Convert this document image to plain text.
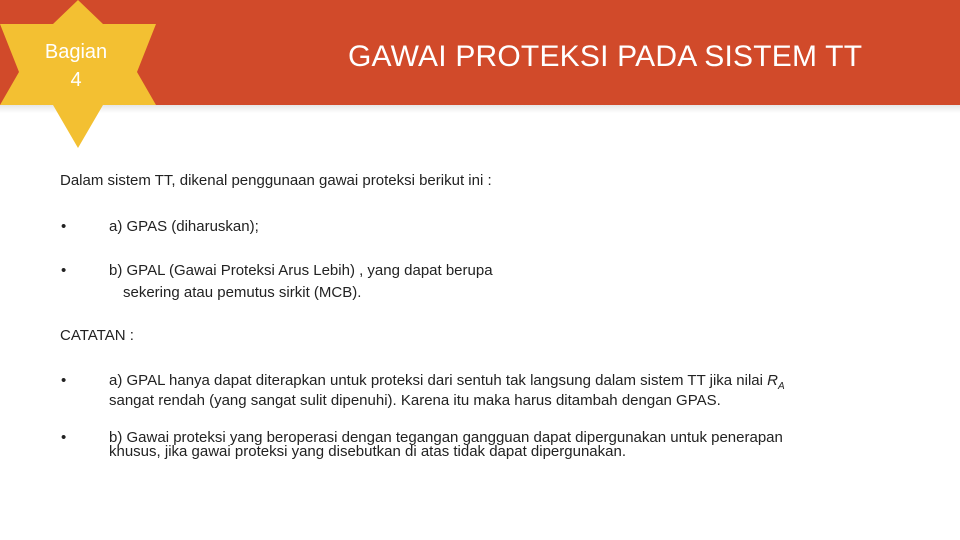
Bagian
4
GAWAI PROTEKSI PADA SISTEM TT
Dalam sistem TT, dikenal penggunaan gawai proteksi berikut ini :
•	a) GPAS (diharuskan);
•	b) GPAL (Gawai Proteksi Arus Lebih) , yang dapat berupa
sekering atau pemutus sirkit (MCB).
CATATAN :
•	a) GPAL hanya dapat diterapkan untuk proteksi dari sentuh tak langsung dalam sistem TT jika nilai $R_A$
sangat rendah (yang sangat sulit dipenuhi). Karena itu maka harus ditambah dengan GPAS.
•	b) Gawai proteksi yang beroperasi dengan tegangan gangguan dapat dipergunakan untuk penerapan
khusus, jika gawai proteksi yang disebutkan di atas tidak dapat dipergunakan.
